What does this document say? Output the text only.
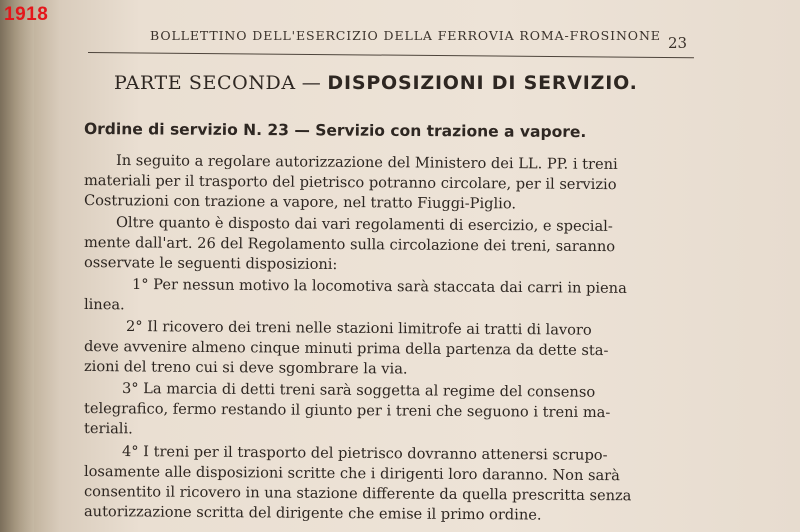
1918
BOLLETTINO DELL'ESERCIZIO DELLA FERROVIA ROMA-FROSINONE 23
PARTE SECONDA — DISPOSIZIONI DI SERVIZIO.
Ordine di servizio N. 23 — Servizio con trazione a vapore.
In seguito a regolare autorizzazione del Ministero dei LL. PP. i treni
materiali per il trasporto del pietrisco potranno circolare, per il servizio
Costruzioni con trazione a vapore, nel tratto Fiuggi-Piglio.
Oltre quanto è disposto dai vari regolamenti di esercizio, e special-
mente dall'art. 26 del Regolamento sulla circolazione dei treni, saranno
osservate le seguenti disposizioni:
1° Per nessun motivo la locomotiva sarà staccata dai carri in piena
linea.
2° Il ricovero dei treni nelle stazioni limitrofe ai tratti di lavoro
deve avvenire almeno cinque minuti prima della partenza da dette sta-
zioni del treno cui si deve sgombrare la via.
3° La marcia di detti treni sarà soggetta al regime del consenso
telegrafico, fermo restando il giunto per i treni che seguono i treni ma-
teriali.
4° I treni per il trasporto del pietrisco dovranno attenersi scrupo-
losamente alle disposizioni scritte che i dirigenti loro daranno. Non sarà
consentito il ricovero in una stazione differente da quella prescritta senza
autorizzazione scritta del dirigente che emise il primo ordine.
